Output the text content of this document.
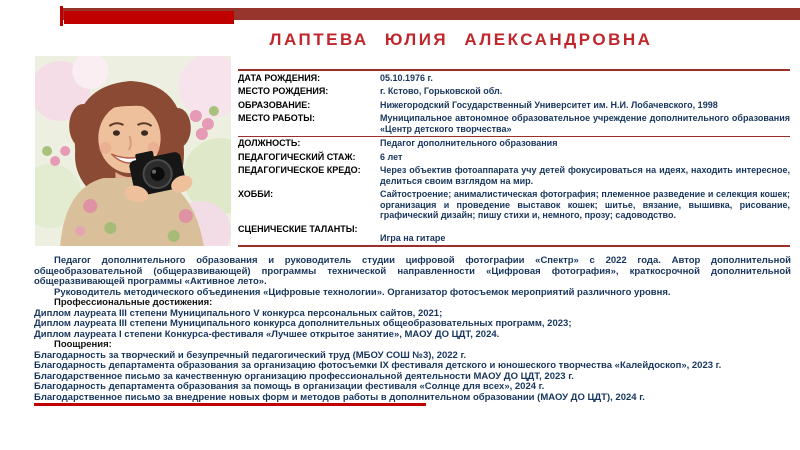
ЛАПТЕВА ЮЛИЯ АЛЕКСАНДРОВНА
ДАТА РОЖДЕНИЯ:	05.10.1976 г.
МЕСТО РОЖДЕНИЯ:	г. Кстово, Горьковской обл.
ОБРАЗОВАНИЕ:	Нижегородский Государственный Университет им. Н.И. Лобачевского, 1998
МЕСТО РАБОТЫ:	Муниципальное автономное образовательное учреждение дополнительного образования «Центр детского творчества»
ДОЛЖНОСТЬ:	Педагог дополнительного образования
ПЕДАГОГИЧЕСКИЙ СТАЖ:	6 лет
ПЕДАГОГИЧЕСКОЕ КРЕДО:	Через объектив фотоаппарата учу детей фокусироваться на идеях, находить интересное, делиться своим взглядом на мир.
ХОББИ:	Сайтостроение; анималистическая фотография; племенное разведение и селекция кошек; организация и проведение выставок кошек; шитье, вязание, вышивка, рисование, графический дизайн; пишу стихи и, немного, прозу; садоводство.
СЦЕНИЧЕСКИЕ ТАЛАНТЫ:
Игра на гитаре
Педагог дополнительного образования и руководитель студии цифровой фотографии «Спектр» с 2022 года. Автор дополнительной общеобразовательной (общеразвивающей) программы технической направленности «Цифровая фотография», краткосрочной дополнительной общеразвивающей программы «Активное лето».
Руководитель методического объединения «Цифровые технологии». Организатор фотосъемок мероприятий различного уровня.
Профессиональные достижения:
Диплом лауреата III степени Муниципального V конкурса персональных сайтов, 2021;
Диплом лауреата III степени Муниципального конкурса дополнительных общеобразовательных программ, 2023;
Диплом лауреата I степени Конкурса-фестиваля «Лучшее открытое занятие», МАОУ ДО ЦДТ, 2024.
Поощрения:
Благодарность за творческий и безупречный педагогический труд (МБОУ СОШ №3), 2022 г.
Благодарность департамента образования за организацию фотосъемки IX фестиваля детского и юношеского творчества «Калейдоскоп», 2023 г.
Благодарственное письмо за качественную организацию профессиональной деятельности МАОУ ДО ЦДТ, 2023 г.
Благодарность департамента образования за помощь в организации фестиваля «Солнце для всех», 2024 г.
Благодарственное письмо за внедрение новых форм и методов работы в дополнительном образовании (МАОУ ДО ЦДТ), 2024 г.
